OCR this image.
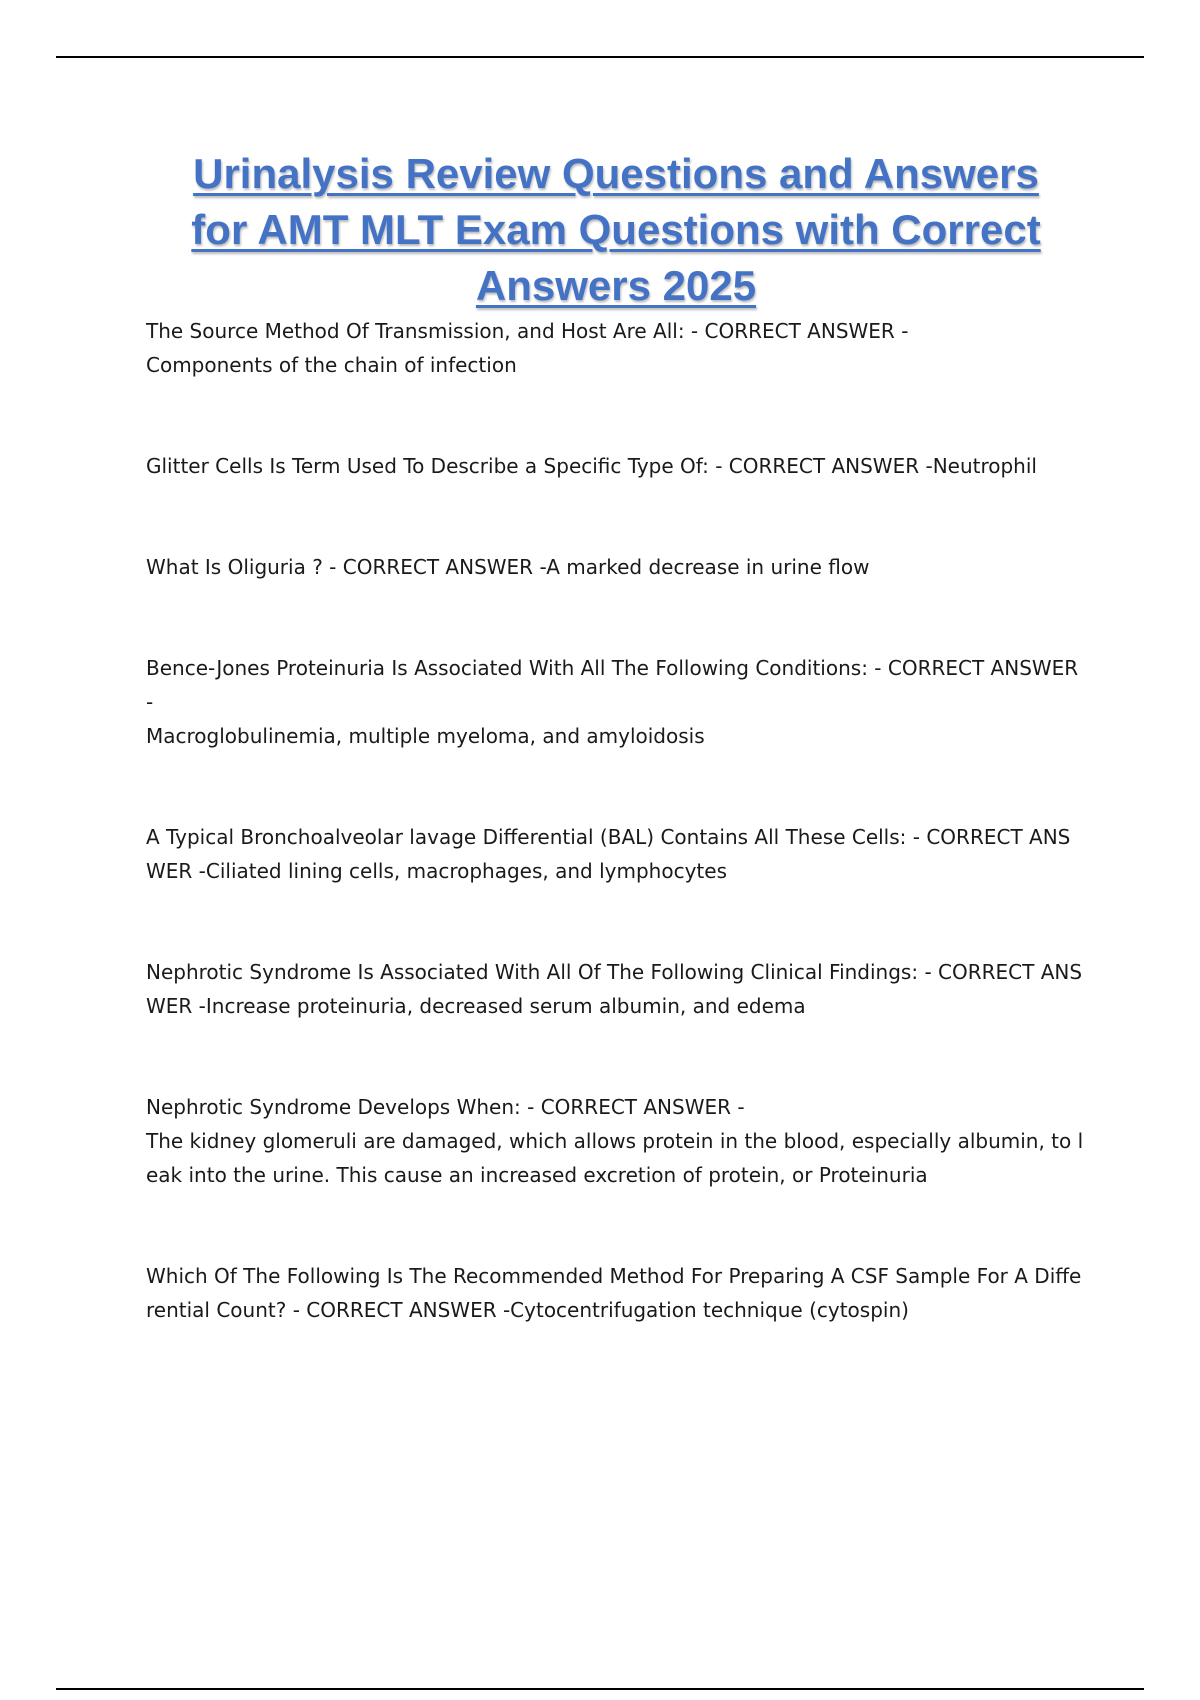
Urinalysis Review Questions and Answers
for AMT MLT Exam Questions with Correct
Answers 2025

The Source Method Of Transmission, and Host Are All: - CORRECT ANSWER -
Components of the chain of infection

Glitter Cells Is Term Used To Describe a Specific Type Of: - CORRECT ANSWER -Neutrophil

What Is Oliguria ? - CORRECT ANSWER -A marked decrease in urine flow

Bence-Jones Proteinuria Is Associated With All The Following Conditions: - CORRECT ANSWER -
Macroglobulinemia, multiple myeloma, and amyloidosis

A Typical Bronchoalveolar lavage Differential (BAL) Contains All These Cells: - CORRECT ANSWER -Ciliated lining cells, macrophages, and lymphocytes

Nephrotic Syndrome Is Associated With All Of The Following Clinical Findings: - CORRECT ANSWER -Increase proteinuria, decreased serum albumin, and edema

Nephrotic Syndrome Develops When: - CORRECT ANSWER -
The kidney glomeruli are damaged, which allows protein in the blood, especially albumin, to leak into the urine. This cause an increased excretion of protein, or Proteinuria

Which Of The Following Is The Recommended Method For Preparing A CSF Sample For A Differential Count? - CORRECT ANSWER -Cytocentrifugation technique (cytospin)
